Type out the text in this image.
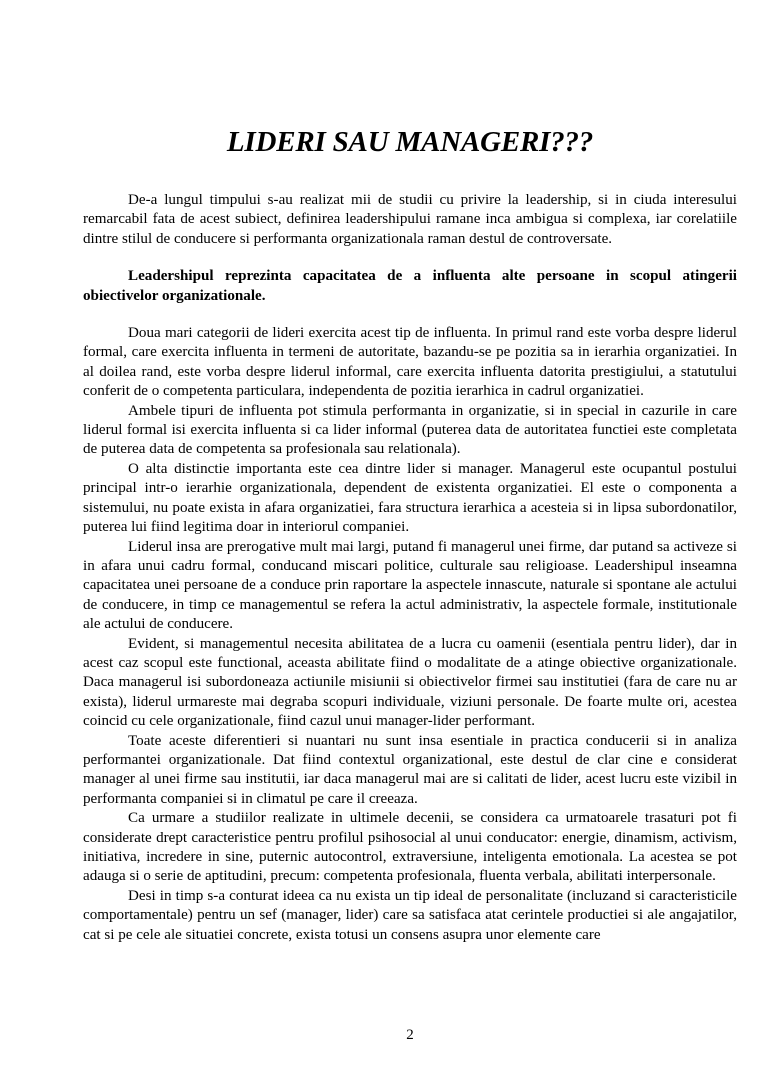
LIDERI SAU MANAGERI???

De-a lungul timpului s-au realizat mii de studii cu privire la leadership, si in ciuda interesului remarcabil fata de acest subiect, definirea leadershipului ramane inca ambigua si complexa, iar corelatiile dintre stilul de conducere si performanta organizationala raman destul de controversate.

Leadershipul reprezinta capacitatea de a influenta alte persoane in scopul atingerii obiectivelor organizationale.

Doua mari categorii de lideri exercita acest tip de influenta. In primul rand este vorba despre liderul formal, care exercita influenta in termeni de autoritate, bazandu-se pe pozitia sa in ierarhia organizatiei. In al doilea rand, este vorba despre liderul informal, care exercita influenta datorita prestigiului, a statutului conferit de o competenta particulara, independenta de pozitia ierarhica in cadrul organizatiei.

Ambele tipuri de influenta pot stimula performanta in organizatie, si in special in cazurile in care liderul formal isi exercita influenta si ca lider informal (puterea data de autoritatea functiei este completata de puterea data de competenta sa profesionala sau relationala).

O alta distinctie importanta este cea dintre lider si manager. Managerul este ocupantul postului principal intr-o ierarhie organizationala, dependent de existenta organizatiei. El este o componenta a sistemului, nu poate exista in afara organizatiei, fara structura ierarhica a acesteia si in lipsa subordonatilor, puterea lui fiind legitima doar in interiorul companiei.

Liderul insa are prerogative mult mai largi, putand fi managerul unei firme, dar putand sa activeze si in afara unui cadru formal, conducand miscari politice, culturale sau religioase. Leadershipul inseamna capacitatea unei persoane de a conduce prin raportare la aspectele innascute, naturale si spontane ale actului de conducere, in timp ce managementul se refera la actul administrativ, la aspectele formale, institutionale ale actului de conducere.

Evident, si managementul necesita abilitatea de a lucra cu oamenii (esentiala pentru lider), dar in acest caz scopul este functional, aceasta abilitate fiind o modalitate de a atinge obiective organizationale. Daca managerul isi subordoneaza actiunile misiunii si obiectivelor firmei sau institutiei (fara de care nu ar exista), liderul urmareste mai degraba scopuri individuale, viziuni personale. De foarte multe ori, acestea coincid cu cele organizationale, fiind cazul unui manager-lider performant.

Toate aceste diferentieri si nuantari nu sunt insa esentiale in practica conducerii si in analiza performantei organizationale. Dat fiind contextul organizational, este destul de clar cine e considerat manager al unei firme sau institutii, iar daca managerul mai are si calitati de lider, acest lucru este vizibil in performanta companiei si in climatul pe care il creeaza.

Ca urmare a studiilor realizate in ultimele decenii, se considera ca urmatoarele trasaturi pot fi considerate drept caracteristice pentru profilul psihosocial al unui conducator: energie, dinamism, activism, initiativa, incredere in sine, puternic autocontrol, extraversiune, inteligenta emotionala. La acestea se pot adauga si o serie de aptitudini, precum: competenta profesionala, fluenta verbala, abilitati interpersonale.

Desi in timp s-a conturat ideea ca nu exista un tip ideal de personalitate (incluzand si caracteristicile comportamentale) pentru un sef (manager, lider) care sa satisfaca atat cerintele productiei si ale angajatilor, cat si pe cele ale situatiei concrete, exista totusi un consens asupra unor elemente care

2
